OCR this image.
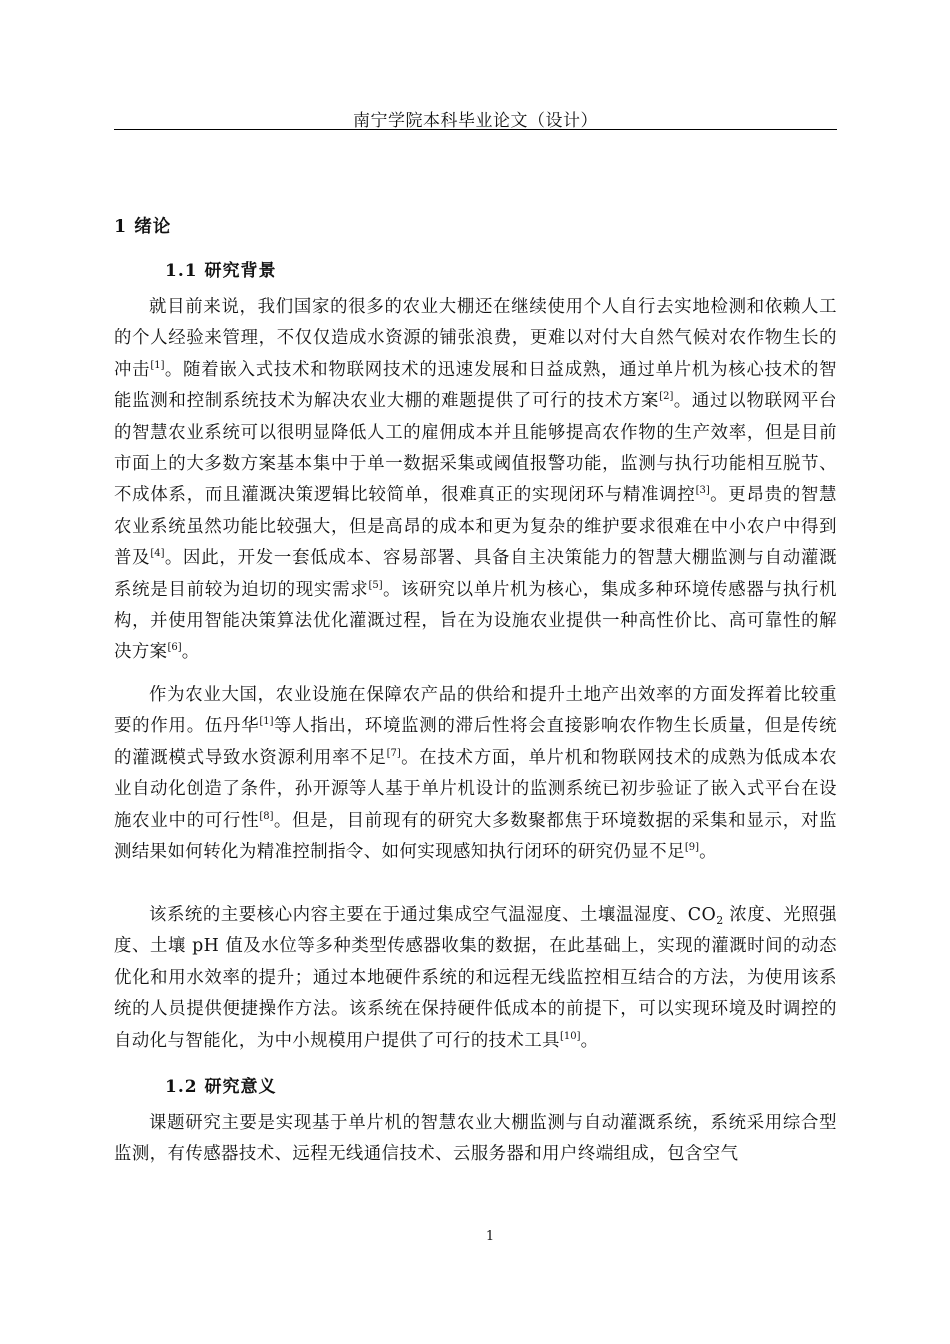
南宁学院本科毕业论文（设计）
1 绪论
1.1 研究背景
就目前来说，我们国家的很多的农业大棚还在继续使用个人自行去实地检测和依赖人工的个人经验来管理，不仅仅造成水资源的铺张浪费，更难以对付大自然气候对农作物生长的冲击[1]。随着嵌入式技术和物联网技术的迅速发展和日益成熟，通过单片机为核心技术的智能监测和控制系统技术为解决农业大棚的难题提供了可行的技术方案[2]。通过以物联网平台的智慧农业系统可以很明显降低人工的雇佣成本并且能够提高农作物的生产效率，但是目前市面上的大多数方案基本集中于单一数据采集或阈值报警功能，监测与执行功能相互脱节、不成体系，而且灌溉决策逻辑比较简单，很难真正的实现闭环与精准调控[3]。更昂贵的智慧农业系统虽然功能比较强大，但是高昂的成本和更为复杂的维护要求很难在中小农户中得到普及[4]。因此，开发一套低成本、容易部署、具备自主决策能力的智慧大棚监测与自动灌溉系统是目前较为迫切的现实需求[5]。该研究以单片机为核心，集成多种环境传感器与执行机构，并使用智能决策算法优化灌溉过程，旨在为设施农业提供一种高性价比、高可靠性的解决方案[6]。
作为农业大国，农业设施在保障农产品的供给和提升土地产出效率的方面发挥着比较重要的作用。伍丹华[1]等人指出，环境监测的滞后性将会直接影响农作物生长质量，但是传统的灌溉模式导致水资源利用率不足[7]。在技术方面，单片机和物联网技术的成熟为低成本农业自动化创造了条件，孙开源等人基于单片机设计的监测系统已初步验证了嵌入式平台在设施农业中的可行性[8]。但是，目前现有的研究大多数聚都焦于环境数据的采集和显示，对监测结果如何转化为精准控制指令、如何实现感知执行闭环的研究仍显不足[9]。
该系统的主要核心内容主要在于通过集成空气温湿度、土壤温湿度、$CO_2$ 浓度、光照强度、土壤 pH 值及水位等多种类型传感器收集的数据，在此基础上，实现的灌溉时间的动态优化和用水效率的提升；通过本地硬件系统的和远程无线监控相互结合的方法，为使用该系统的人员提供便捷操作方法。该系统在保持硬件低成本的前提下，可以实现环境及时调控的自动化与智能化，为中小规模用户提供了可行的技术工具[10]。
1.2 研究意义
课题研究主要是实现基于单片机的智慧农业大棚监测与自动灌溉系统，系统采用综合型监测，有传感器技术、远程无线通信技术、云服务器和用户终端组成，包含空气
1
